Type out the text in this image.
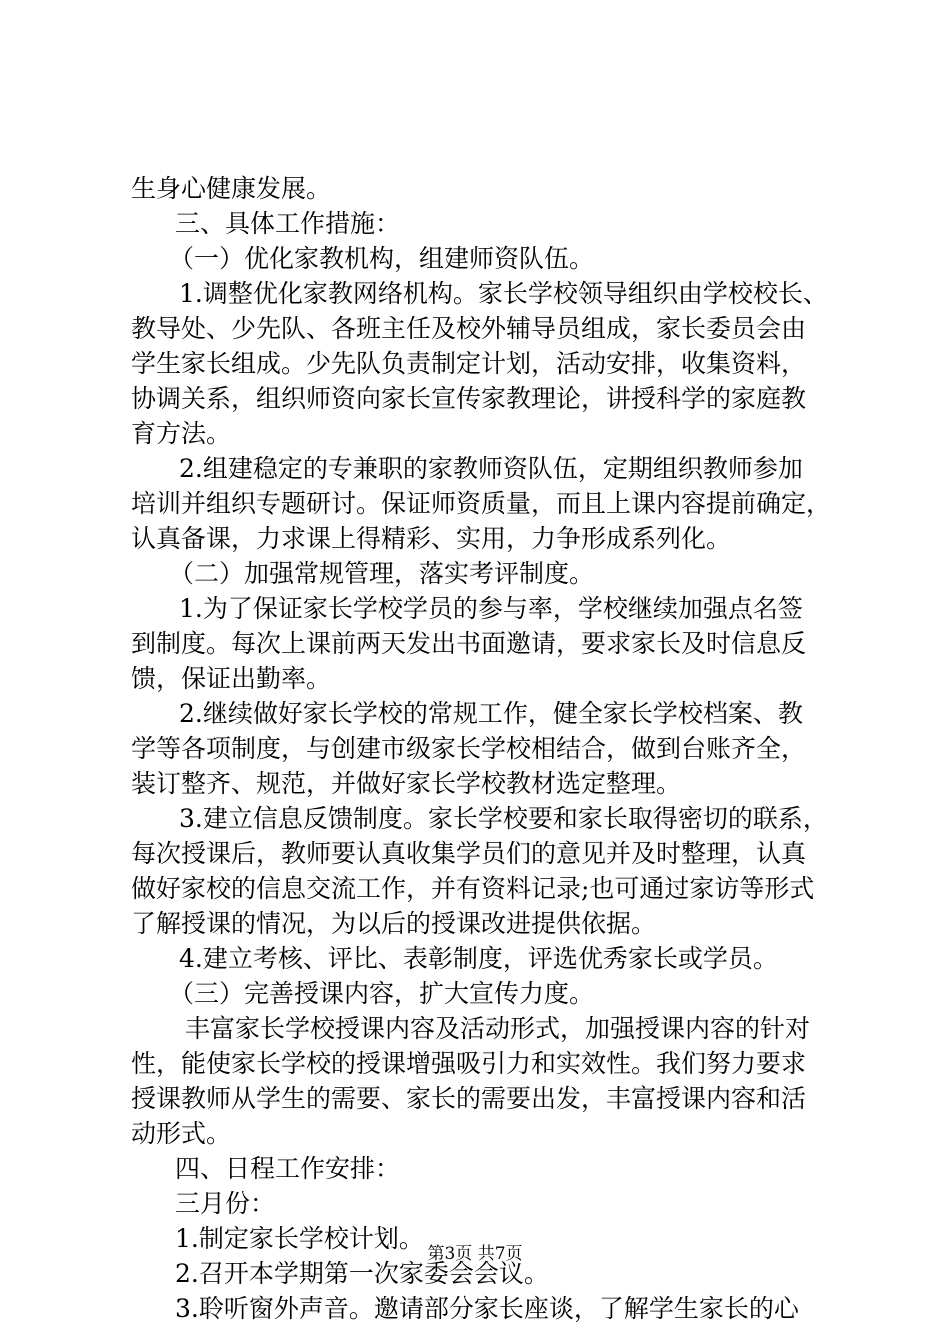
生身心健康发展。
三、具体工作措施：
（一）优化家教机构，组建师资队伍。
1.调整优化家教网络机构。家长学校领导组织由学校校长、
教导处、少先队、各班主任及校外辅导员组成，家长委员会由
学生家长组成。少先队负责制定计划，活动安排，收集资料，
协调关系，组织师资向家长宣传家教理论，讲授科学的家庭教
育方法。
2.组建稳定的专兼职的家教师资队伍，定期组织教师参加
培训并组织专题研讨。保证师资质量，而且上课内容提前确定，
认真备课，力求课上得精彩、实用，力争形成系列化。
（二）加强常规管理，落实考评制度。
1.为了保证家长学校学员的参与率，学校继续加强点名签
到制度。每次上课前两天发出书面邀请，要求家长及时信息反
馈，保证出勤率。
2.继续做好家长学校的常规工作，健全家长学校档案、教
学等各项制度，与创建市级家长学校相结合，做到台账齐全，
装订整齐、规范，并做好家长学校教材选定整理。
3.建立信息反馈制度。家长学校要和家长取得密切的联系，
每次授课后，教师要认真收集学员们的意见并及时整理，认真
做好家校的信息交流工作，并有资料记录;也可通过家访等形式
了解授课的情况，为以后的授课改进提供依据。
4.建立考核、评比、表彰制度，评选优秀家长或学员。
（三）完善授课内容，扩大宣传力度。
丰富家长学校授课内容及活动形式，加强授课内容的针对
性，能使家长学校的授课增强吸引力和实效性。我们努力要求
授课教师从学生的需要、家长的需要出发，丰富授课内容和活
动形式。
四、日程工作安排：
三月份：
1.制定家长学校计划。
2.召开本学期第一次家委会会议。
3.聆听窗外声音。邀请部分家长座谈，了解学生家长的心
第3页 共7页
